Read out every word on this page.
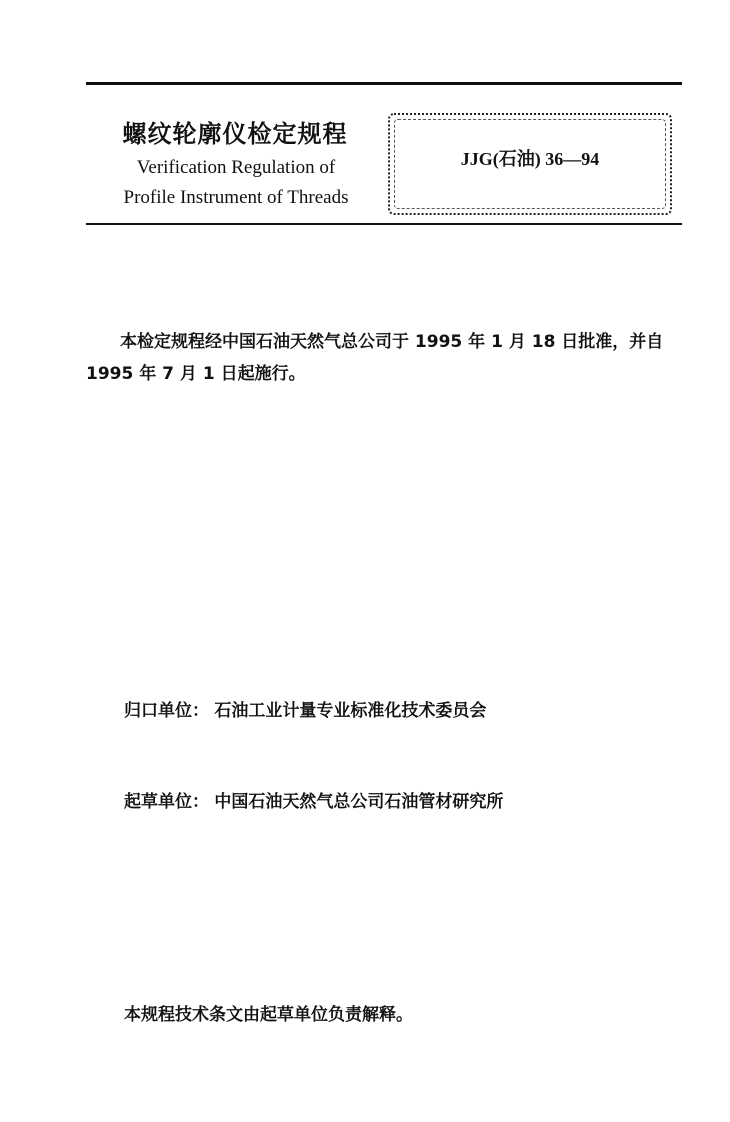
螺纹轮廓仪检定规程
Verification Regulation of
Profile Instrument of Threads
JJG(石油) 36—94
本检定规程经中国石油天然气总公司于 1995 年 1 月 18 日批准，并自 1995 年 7 月 1 日起施行。
归口单位： 石油工业计量专业标准化技术委员会
起草单位： 中国石油天然气总公司石油管材研究所
本规程技术条文由起草单位负责解释。
